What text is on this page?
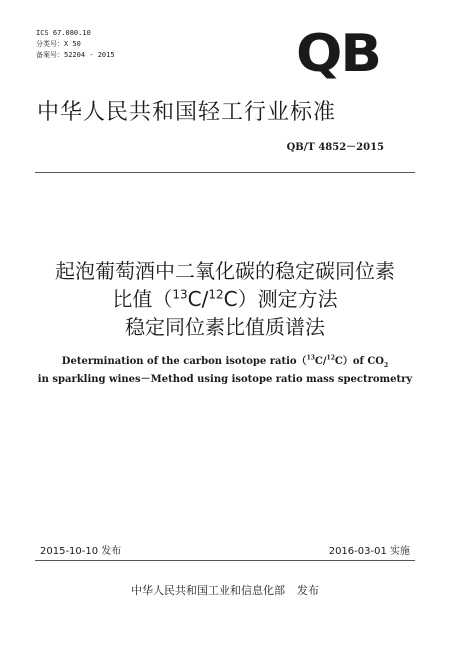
ICS 67.080.10
分类号：X 50
备案号：52204 - 2015	QB
中华人民共和国轻工行业标准
QB/T 4852－2015
起泡葡萄酒中二氧化碳的稳定碳同位素
比值（$^{13}$C/$^{12}$C）测定方法
稳定同位素比值质谱法
Determination of the carbon isotope ratio（$^{13}$C/$^{12}$C）of $CO_2$
in sparkling wines－Method using isotope ratio mass spectrometry
2015-10-10 发布	2016-03-01 实施
中华人民共和国工业和信息化部 发布
